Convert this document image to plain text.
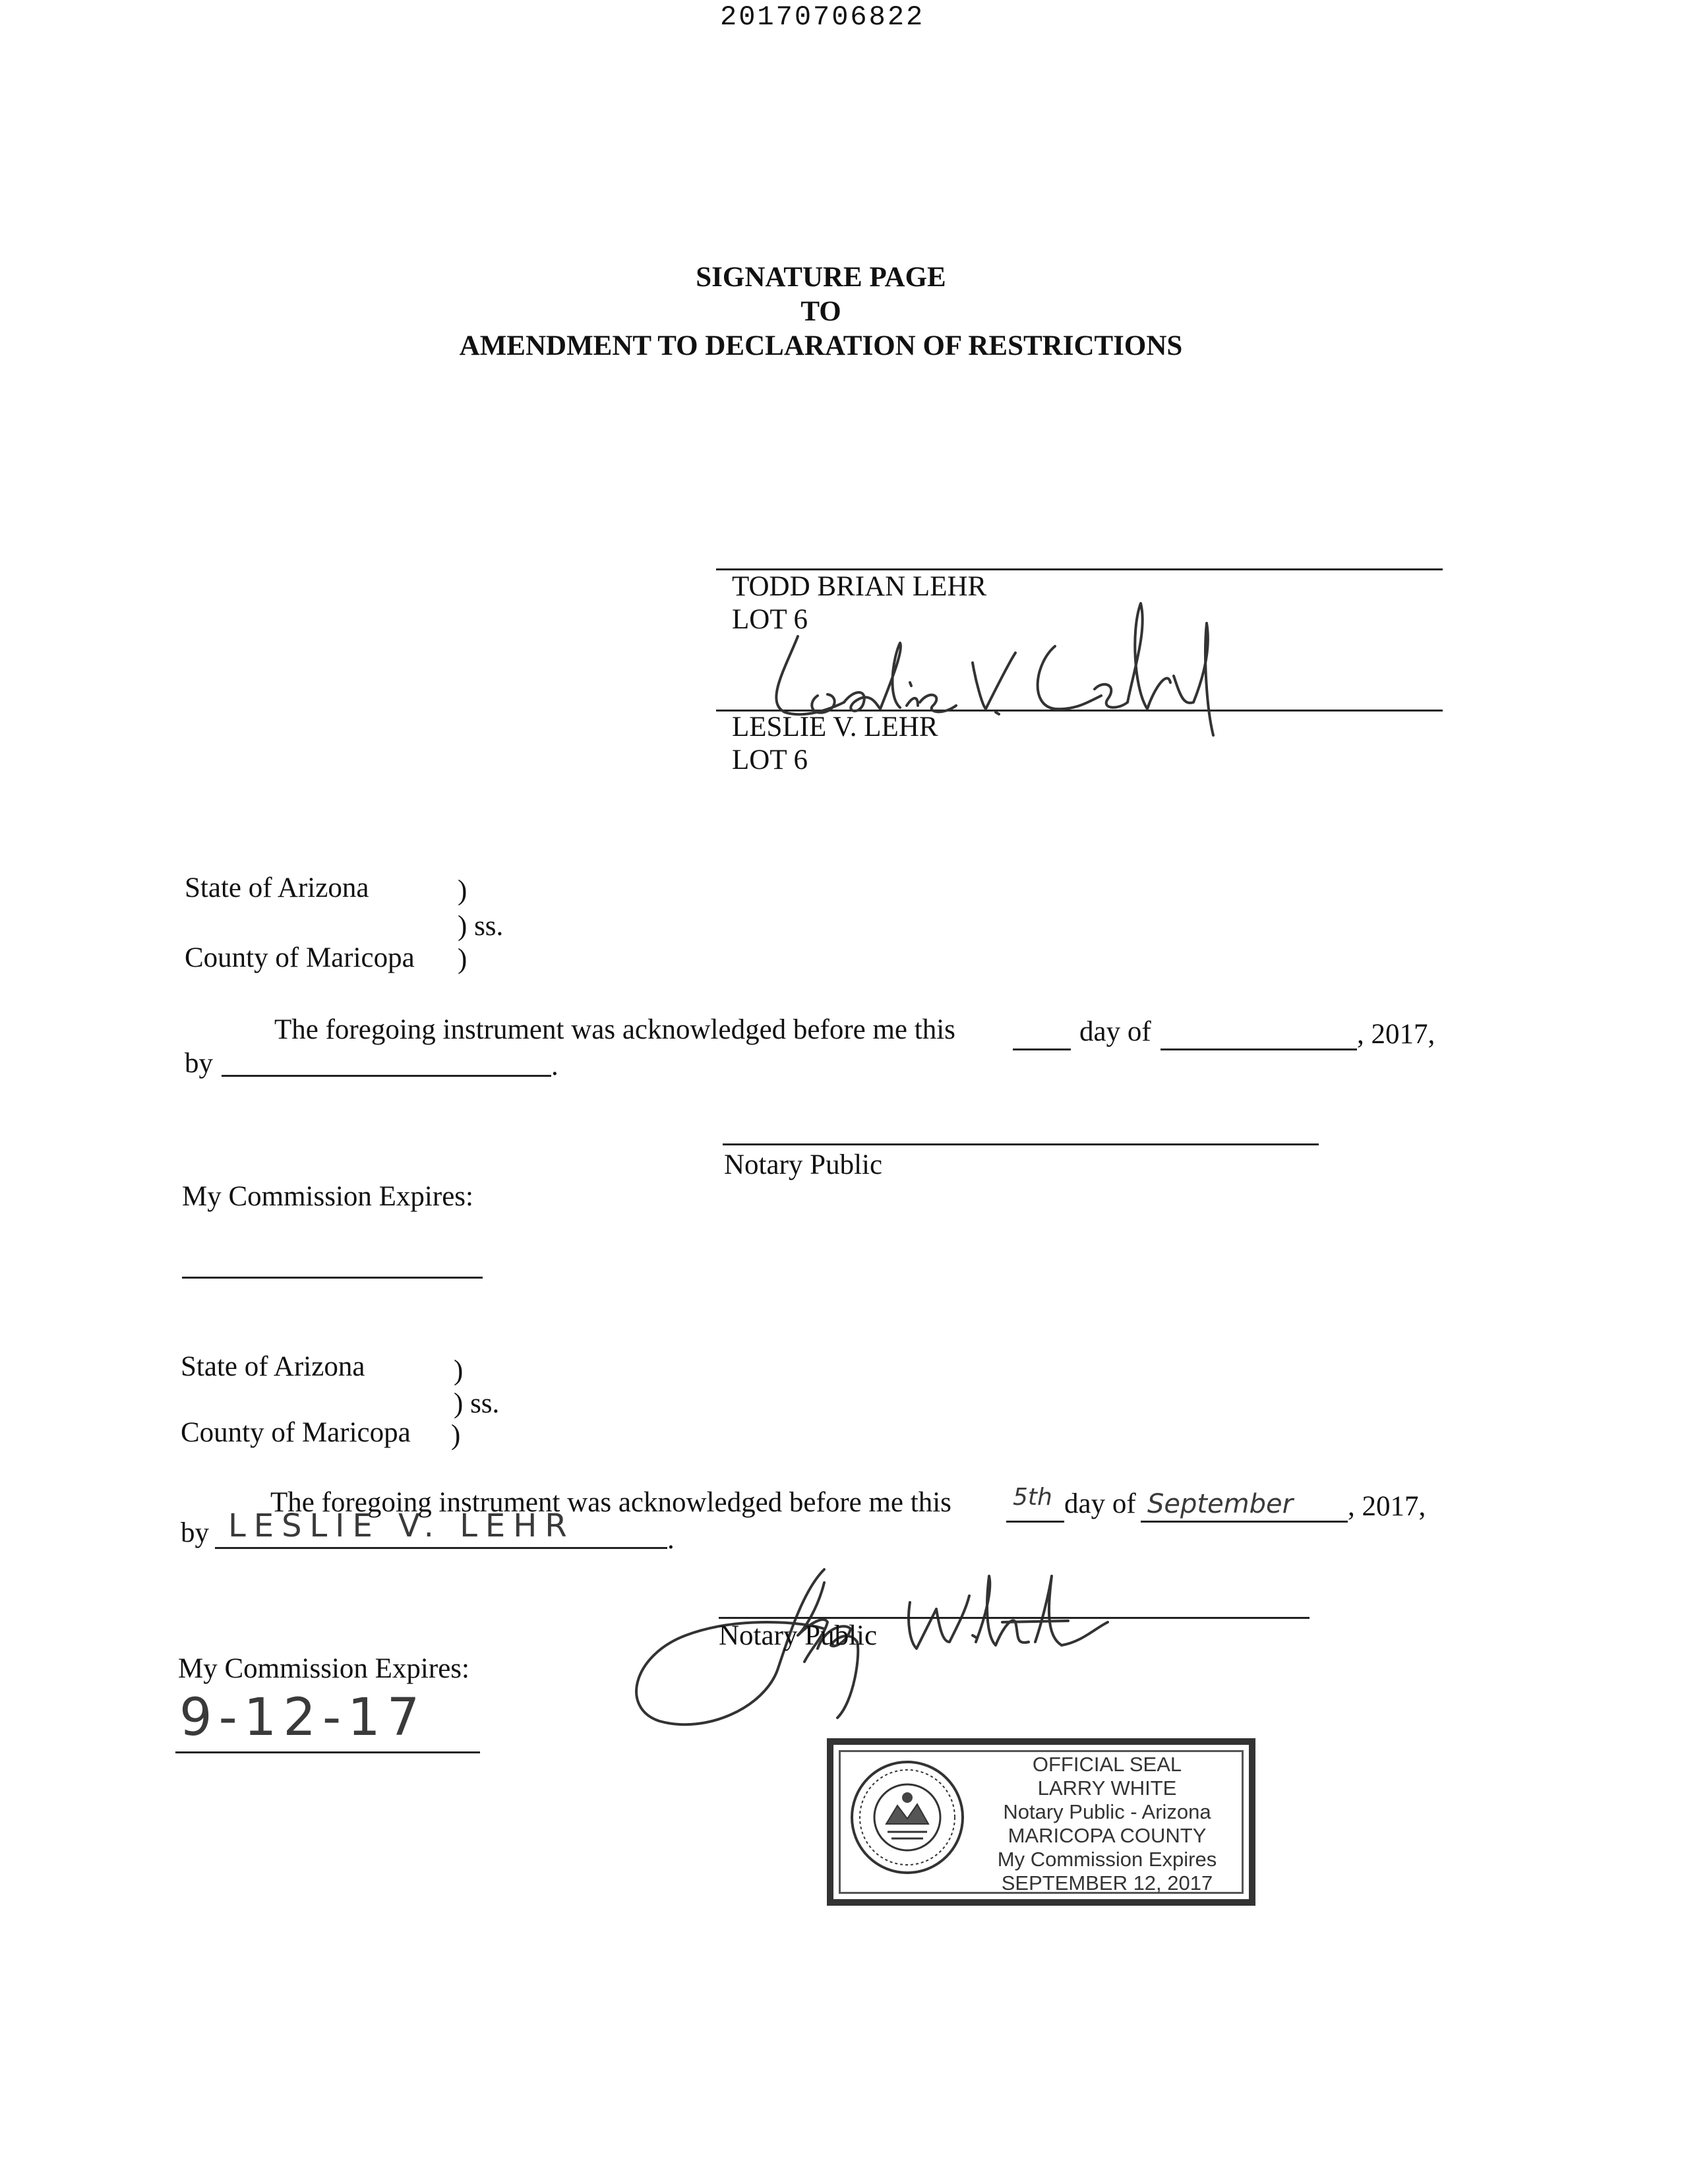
20170706822
SIGNATURE PAGE
TO
AMENDMENT TO DECLARATION OF RESTRICTIONS
TODD BRIAN LEHR
LOT 6
LESLIE V. LEHR
LOT 6
State of Arizona	)
) ss.
County of Maricopa )
The foregoing instrument was acknowledged before me this	day of	, 2017,
by	.
Notary Public
My Commission Expires:
State of Arizona	)
) ss.
County of Maricopa )
The foregoing instrument was acknowledged before me this	5th day of September , 2017,
by LESLIE V. LEHR	.
Notary Public
My Commission Expires:
9-12-17
OFFICIAL SEAL
LARRY WHITE
Notary Public - Arizona
MARICOPA COUNTY
My Commission Expires
SEPTEMBER 12, 2017
